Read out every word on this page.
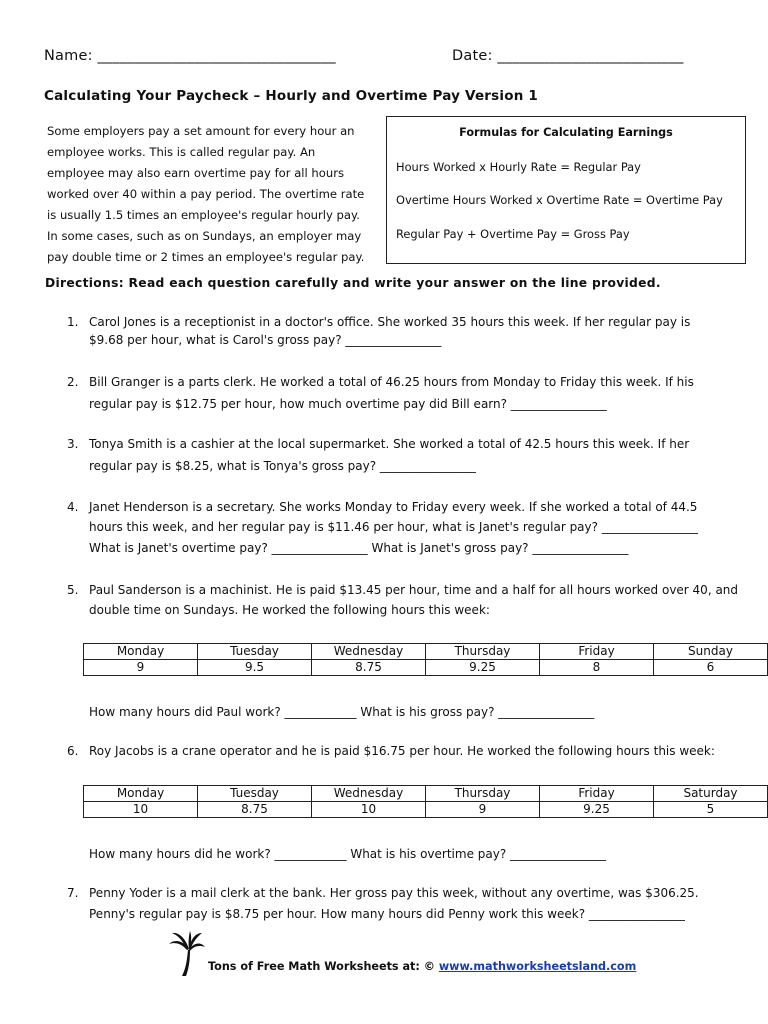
Name: ________________________________	Date: _________________________
Calculating Your Paycheck – Hourly and Overtime Pay Version 1
Some employers pay a set amount for every hour an
employee works. This is called regular pay. An
employee may also earn overtime pay for all hours
worked over 40 within a pay period. The overtime rate
is usually 1.5 times an employee's regular hourly pay.
In some cases, such as on Sundays, an employer may
pay double time or 2 times an employee's regular pay.
Formulas for Calculating Earnings
Hours Worked x Hourly Rate = Regular Pay
Overtime Hours Worked x Overtime Rate = Overtime Pay
Regular Pay + Overtime Pay = Gross Pay
Directions: Read each question carefully and write your answer on the line provided.
1. Carol Jones is a receptionist in a doctor's office. She worked 35 hours this week. If her regular pay is
$9.68 per hour, what is Carol's gross pay? ________________
2. Bill Granger is a parts clerk. He worked a total of 46.25 hours from Monday to Friday this week. If his
regular pay is $12.75 per hour, how much overtime pay did Bill earn? ________________
3. Tonya Smith is a cashier at the local supermarket. She worked a total of 42.5 hours this week. If her
regular pay is $8.25, what is Tonya's gross pay? ________________
4. Janet Henderson is a secretary. She works Monday to Friday every week. If she worked a total of 44.5
hours this week, and her regular pay is $11.46 per hour, what is Janet's regular pay? ________________
What is Janet's overtime pay? ________________ What is Janet's gross pay? ________________
5. Paul Sanderson is a machinist. He is paid $13.45 per hour, time and a half for all hours worked over 40, and
double time on Sundays. He worked the following hours this week:
Monday	Tuesday	Wednesday	Thursday	Friday	Sunday
9	9.5	8.75	9.25	8	6
How many hours did Paul work? ____________ What is his gross pay? ________________
6. Roy Jacobs is a crane operator and he is paid $16.75 per hour. He worked the following hours this week:
Monday	Tuesday	Wednesday	Thursday	Friday	Saturday
10	8.75	10	9	9.25	5
How many hours did he work? ____________ What is his overtime pay? ________________
7. Penny Yoder is a mail clerk at the bank. Her gross pay this week, without any overtime, was $306.25.
Penny's regular pay is $8.75 per hour. How many hours did Penny work this week? ________________
Tons of Free Math Worksheets at: © www.mathworksheetsland.com
